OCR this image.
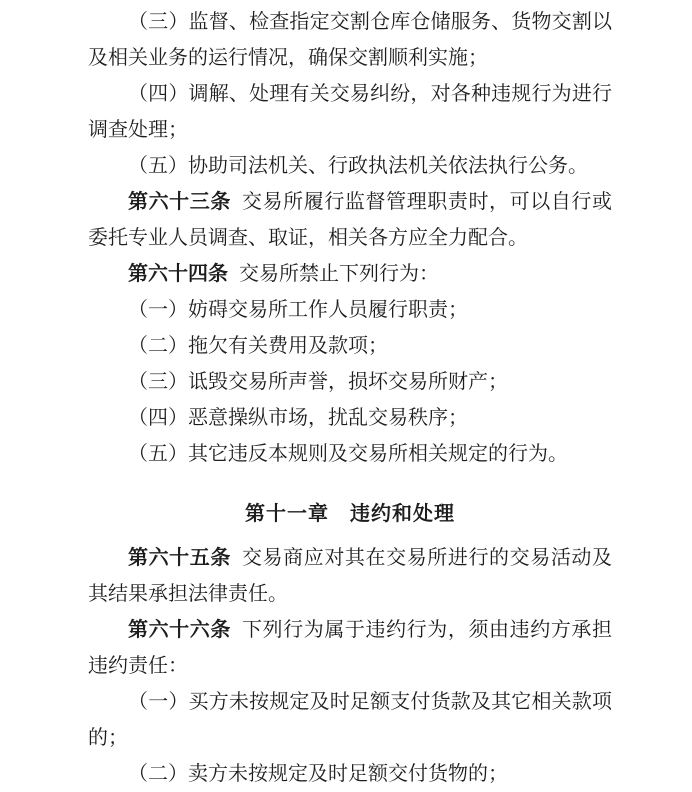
（三）监督、检查指定交割仓库仓储服务、货物交割以及相关业务的运行情况，确保交割顺利实施；

（四）调解、处理有关交易纠纷，对各种违规行为进行调查处理；

（五）协助司法机关、行政执法机关依法执行公务。

第六十三条 交易所履行监督管理职责时，可以自行或委托专业人员调查、取证，相关各方应全力配合。

第六十四条 交易所禁止下列行为：

（一）妨碍交易所工作人员履行职责；

（二）拖欠有关费用及款项；

（三）诋毁交易所声誉，损坏交易所财产；

（四）恶意操纵市场，扰乱交易秩序；

（五）其它违反本规则及交易所相关规定的行为。

第十一章　违约和处理

第六十五条 交易商应对其在交易所进行的交易活动及其结果承担法律责任。

第六十六条 下列行为属于违约行为，须由违约方承担违约责任：

（一）买方未按规定及时足额支付货款及其它相关款项的；

（二）卖方未按规定及时足额交付货物的；
